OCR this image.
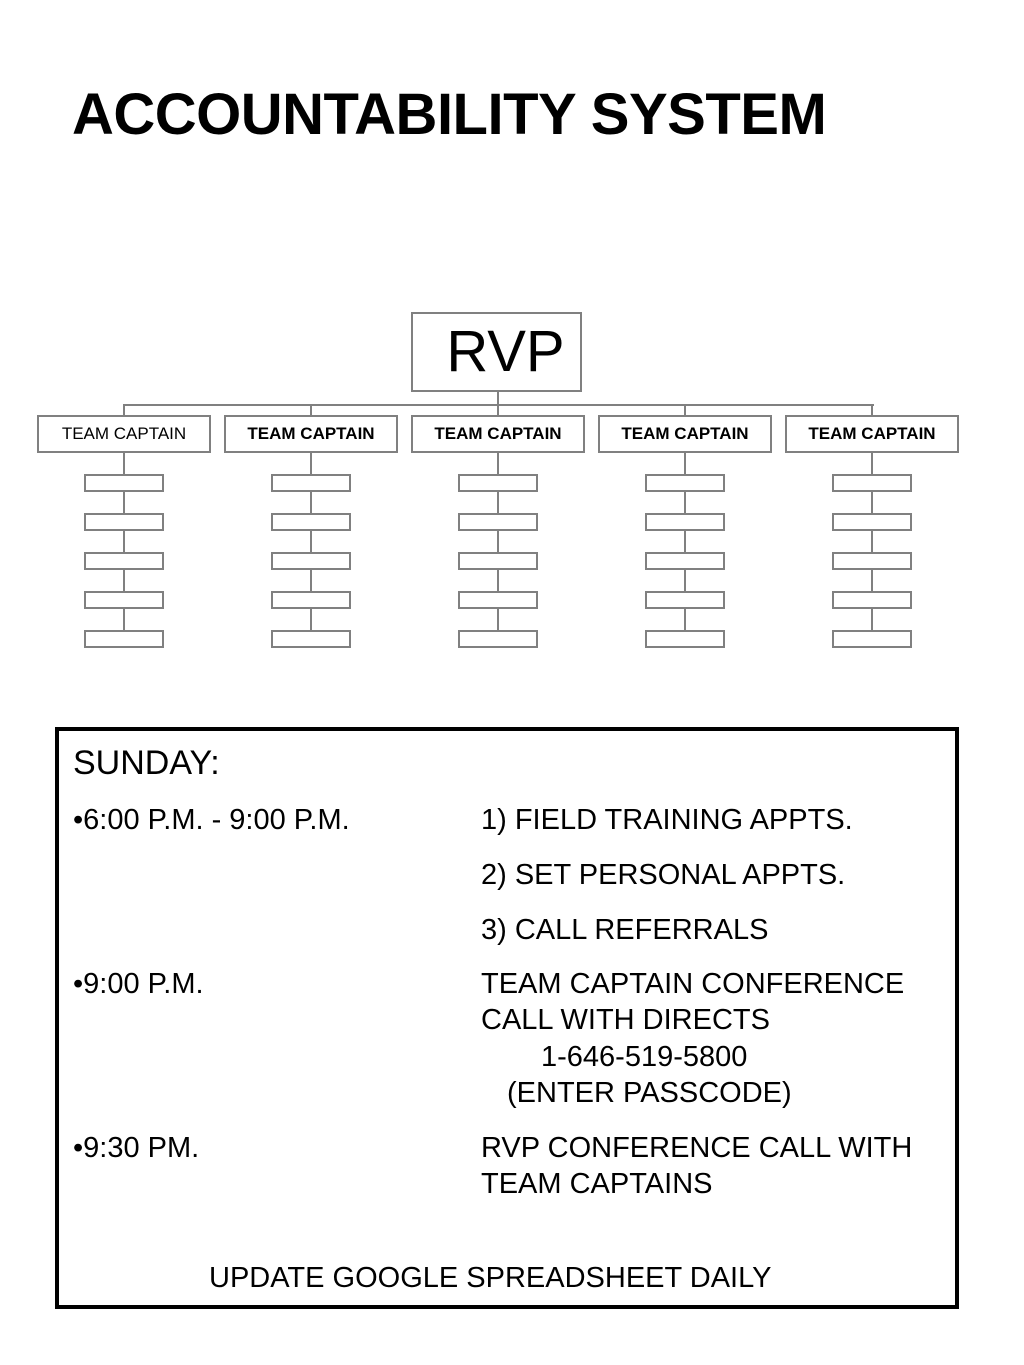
ACCOUNTABILITY SYSTEM
RVP
TEAM CAPTAIN	TEAM CAPTAIN	TEAM CAPTAIN	TEAM CAPTAIN	TEAM CAPTAIN
SUNDAY:
•6:00 P.M. - 9:00 P.M.	1) FIELD TRAINING APPTS.
2) SET PERSONAL APPTS.
3) CALL REFERRALS
•9:00 P.M.	TEAM CAPTAIN CONFERENCE
CALL WITH DIRECTS
1-646-519-5800
(ENTER PASSCODE)
•9:30 PM.	RVP CONFERENCE CALL WITH
TEAM CAPTAINS
UPDATE GOOGLE SPREADSHEET DAILY
